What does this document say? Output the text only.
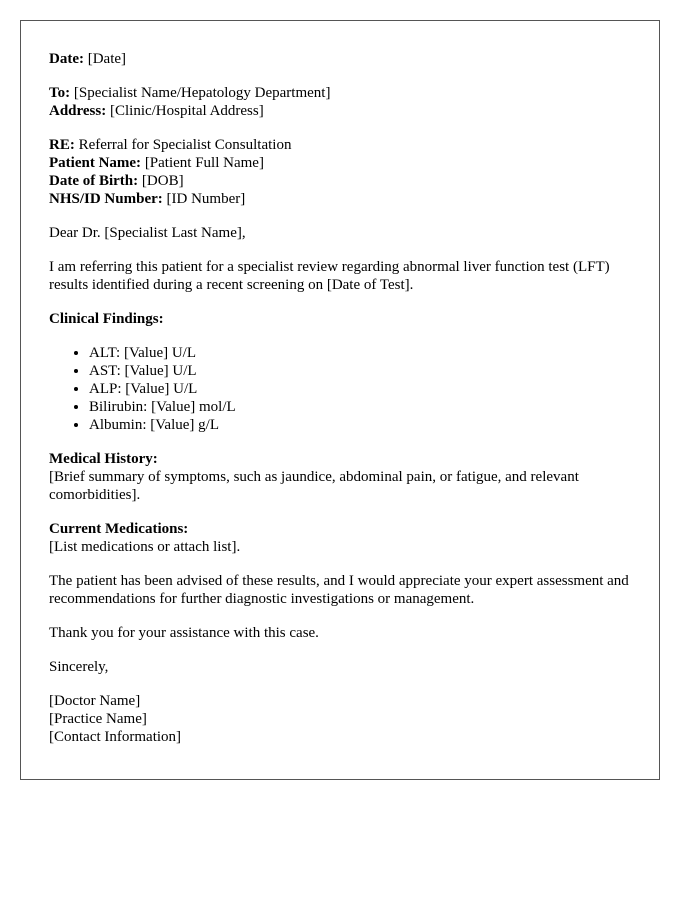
Date: [Date]
To: [Specialist Name/Hepatology Department]
Address: [Clinic/Hospital Address]
RE: Referral for Specialist Consultation
Patient Name: [Patient Full Name]
Date of Birth: [DOB]
NHS/ID Number: [ID Number]
Dear Dr. [Specialist Last Name],
I am referring this patient for a specialist review regarding abnormal liver function test (LFT) results identified during a recent screening on [Date of Test].
Clinical Findings:
• ALT: [Value] U/L
• AST: [Value] U/L
• ALP: [Value] U/L
• Bilirubin: [Value] mol/L
• Albumin: [Value] g/L
Medical History:
[Brief summary of symptoms, such as jaundice, abdominal pain, or fatigue, and relevant comorbidities].
Current Medications:
[List medications or attach list].
The patient has been advised of these results, and I would appreciate your expert assessment and recommendations for further diagnostic investigations or management.
Thank you for your assistance with this case.
Sincerely,
[Doctor Name]
[Practice Name]
[Contact Information]
